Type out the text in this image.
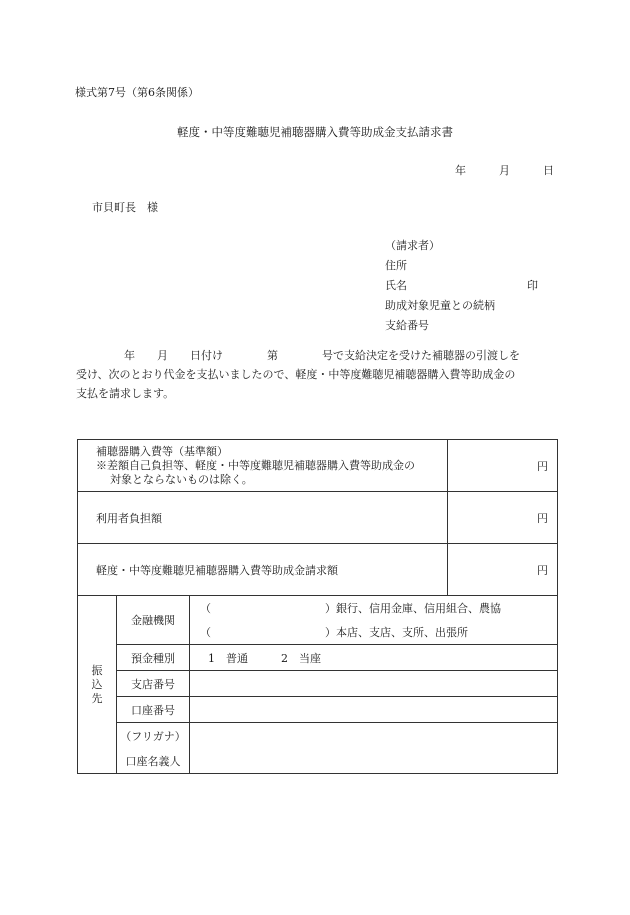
様式第7号（第6条関係）
軽度・中等度難聴児補聴器購入費等助成金支払請求書
年	月	日
市貝町長　様
（請求者）
住所
氏名
助成対象児童との続柄
支給番号
印
年　　月　　日付け　　　　第　　　　号で支給決定を受けた補聴器の引渡しを
受け、次のとおり代金を支払いましたので、軽度・中等度難聴児補聴器購入費等助成金の
支払を請求します。
補聴器購入費等（基準額）
※差額自己負担等、軽度・中等度難聴児補聴器購入費等助成金の
対象とならないものは除く。			円
利用者負担額			円
軽度・中等度難聴児補聴器購入費等助成金請求額			円

振込先	金融機関	（ ）銀行、信用金庫、信用組合、農協	
		（ ）本店、支店、支所、出張所	
	預金種別	1　普通　　　2　当座	
	支店番号		
	口座番号		
	（フリガナ）		
	口座名義人		
